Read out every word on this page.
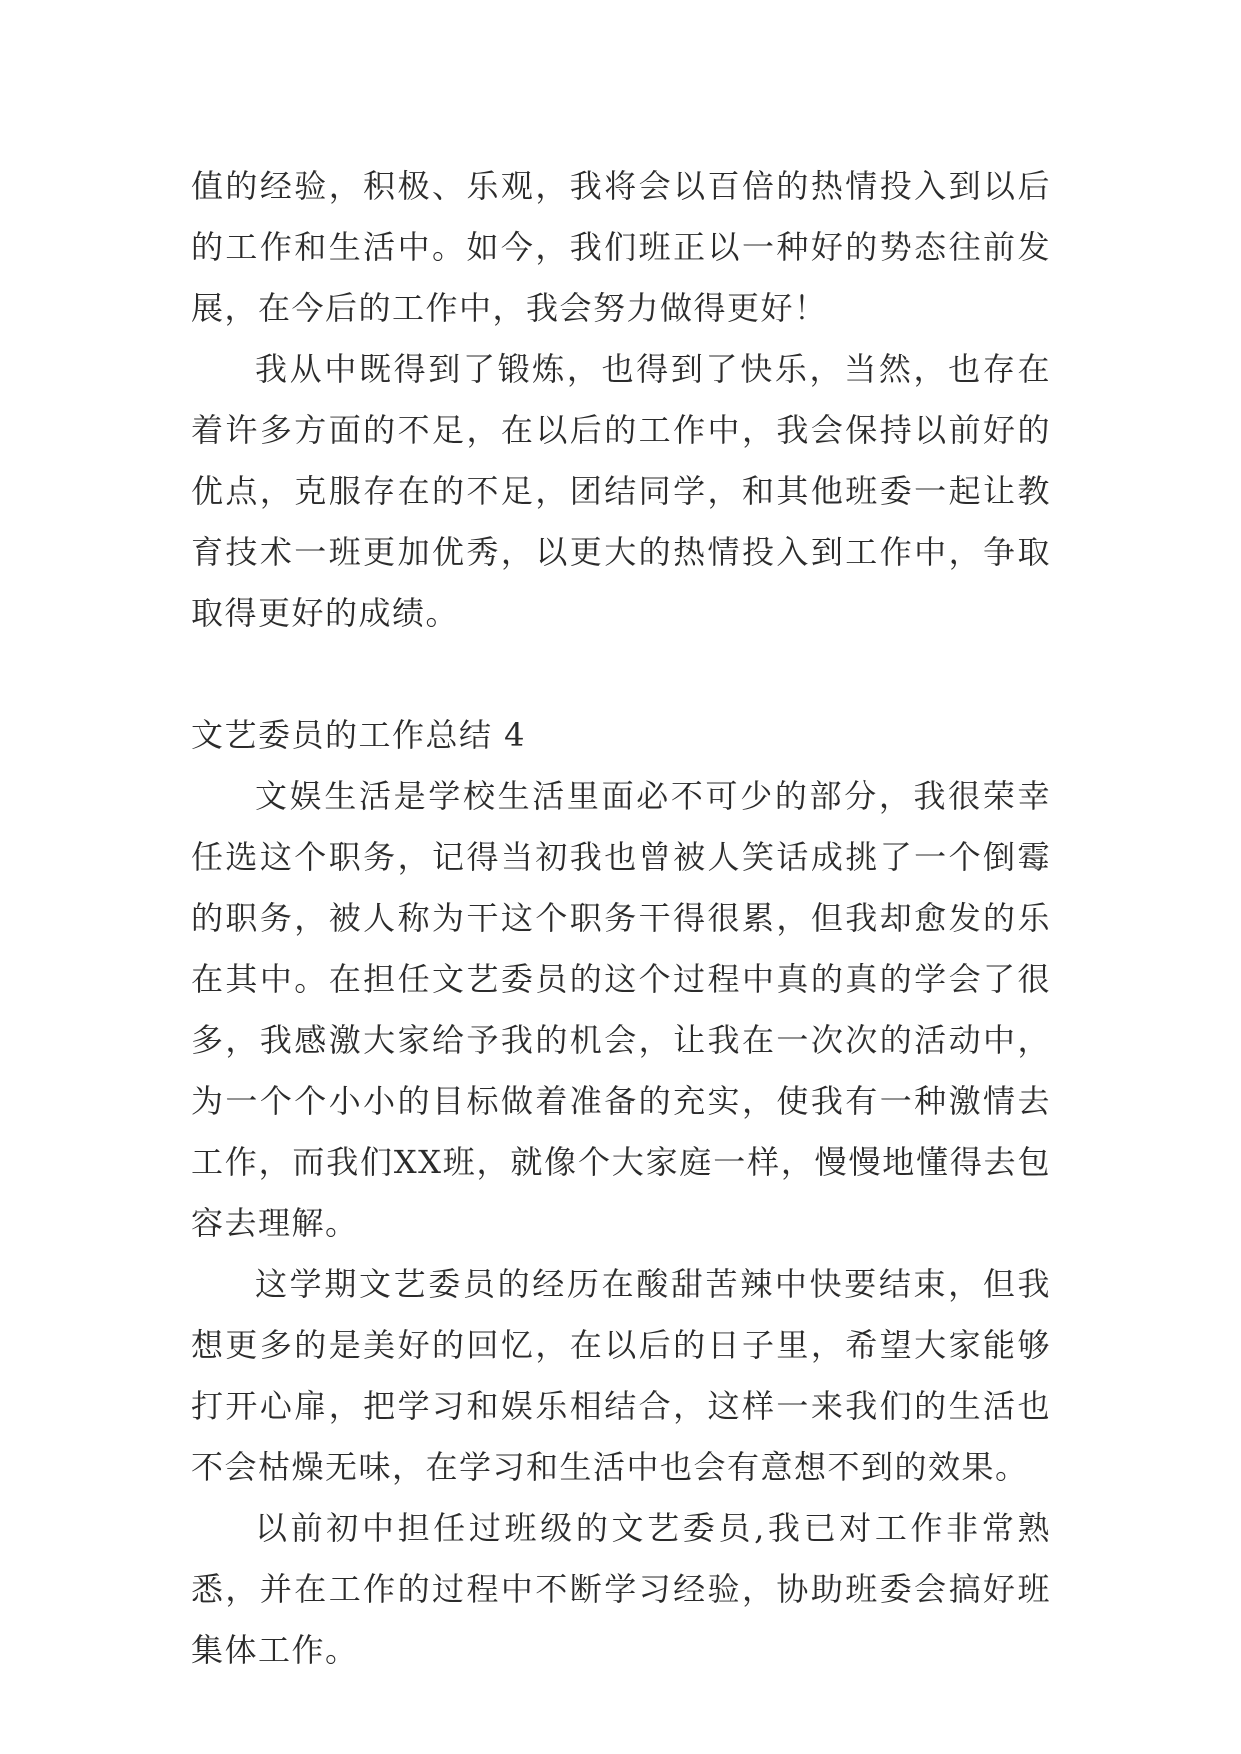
值的经验，积极、乐观，我将会以百倍的热情投入到以后的工作和生活中。如今，我们班正以一种好的势态往前发展，在今后的工作中，我会努力做得更好！

我从中既得到了锻炼，也得到了快乐，当然，也存在着许多方面的不足，在以后的工作中，我会保持以前好的优点，克服存在的不足，团结同学，和其他班委一起让教育技术一班更加优秀，以更大的热情投入到工作中，争取取得更好的成绩。

文艺委员的工作总结 4

文娱生活是学校生活里面必不可少的部分，我很荣幸任选这个职务，记得当初我也曾被人笑话成挑了一个倒霉的职务，被人称为干这个职务干得很累，但我却愈发的乐在其中。在担任文艺委员的这个过程中真的真的学会了很多，我感激大家给予我的机会，让我在一次次的活动中，为一个个小小的目标做着准备的充实，使我有一种激情去工作，而我们XX班，就像个大家庭一样，慢慢地懂得去包容去理解。

这学期文艺委员的经历在酸甜苦辣中快要结束，但我想更多的是美好的回忆，在以后的日子里，希望大家能够打开心扉，把学习和娱乐相结合，这样一来我们的生活也不会枯燥无味，在学习和生活中也会有意想不到的效果。

以前初中担任过班级的文艺委员,我已对工作非常熟悉，并在工作的过程中不断学习经验，协助班委会搞好班集体工作。
